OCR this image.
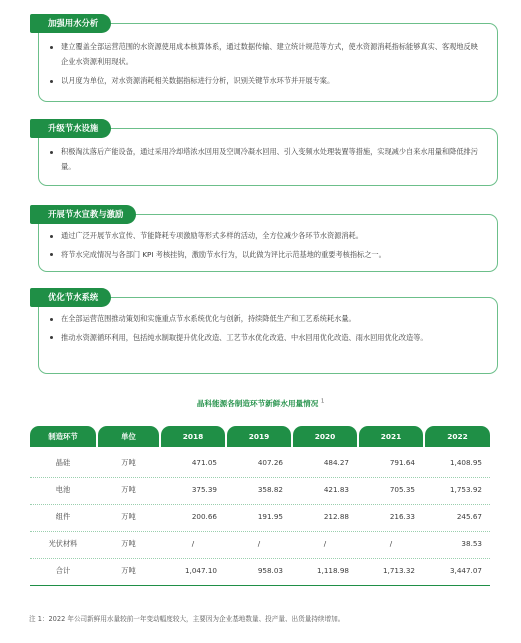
加强用水分析
建立覆盖全部运营范围的水资源使用成本核算体系，通过数据传输、建立统计规范等方式，使水资源消耗指标能够真实、客观地反映企业水资源利用现状。
以月度为单位，对水资源消耗相关数据指标进行分析，识别关键节水环节并开展专案。
升级节水设施
积极淘汰落后产能设备，通过采用冷却塔浓水回用及空调冷凝水回用、引入变频水处理装置等措施，实现减少自来水用量和降低排污量。
开展节水宣教与激励
通过广泛开展节水宣传、节能降耗专项激励等形式多样的活动，全方位减少各环节水资源消耗。
将节水完成情况与各部门 KPI 考核挂钩，激励节水行为，以此做为评比示范基地的重要考核指标之一。
优化节水系统
在全部运营范围推动策划和实施重点节水系统优化与创新，持续降低生产和工艺系统耗水量。
推动水资源循环利用，包括纯水制取提升优化改造、工艺节水优化改造、中水回用优化改造、雨水回用优化改造等。
晶科能源各制造环节新鲜水用量情况 $^1$
制造环节	单位	2018	2019	2020	2021	2022
晶硅	万吨	471.05	407.26	484.27	791.64	1,408.95
电池	万吨	375.39	358.82	421.83	705.35	1,753.92
组件	万吨	200.66	191.95	212.88	216.33	245.67
光伏材料	万吨	/	/	/	/	38.53
合计	万吨	1,047.10	958.03	1,118.98	1,713.32	3,447.07
注 1：2022 年公司新鲜用水量较前一年变动幅度较大，主要因为企业基地数量、投产量、出货量持续增加。
